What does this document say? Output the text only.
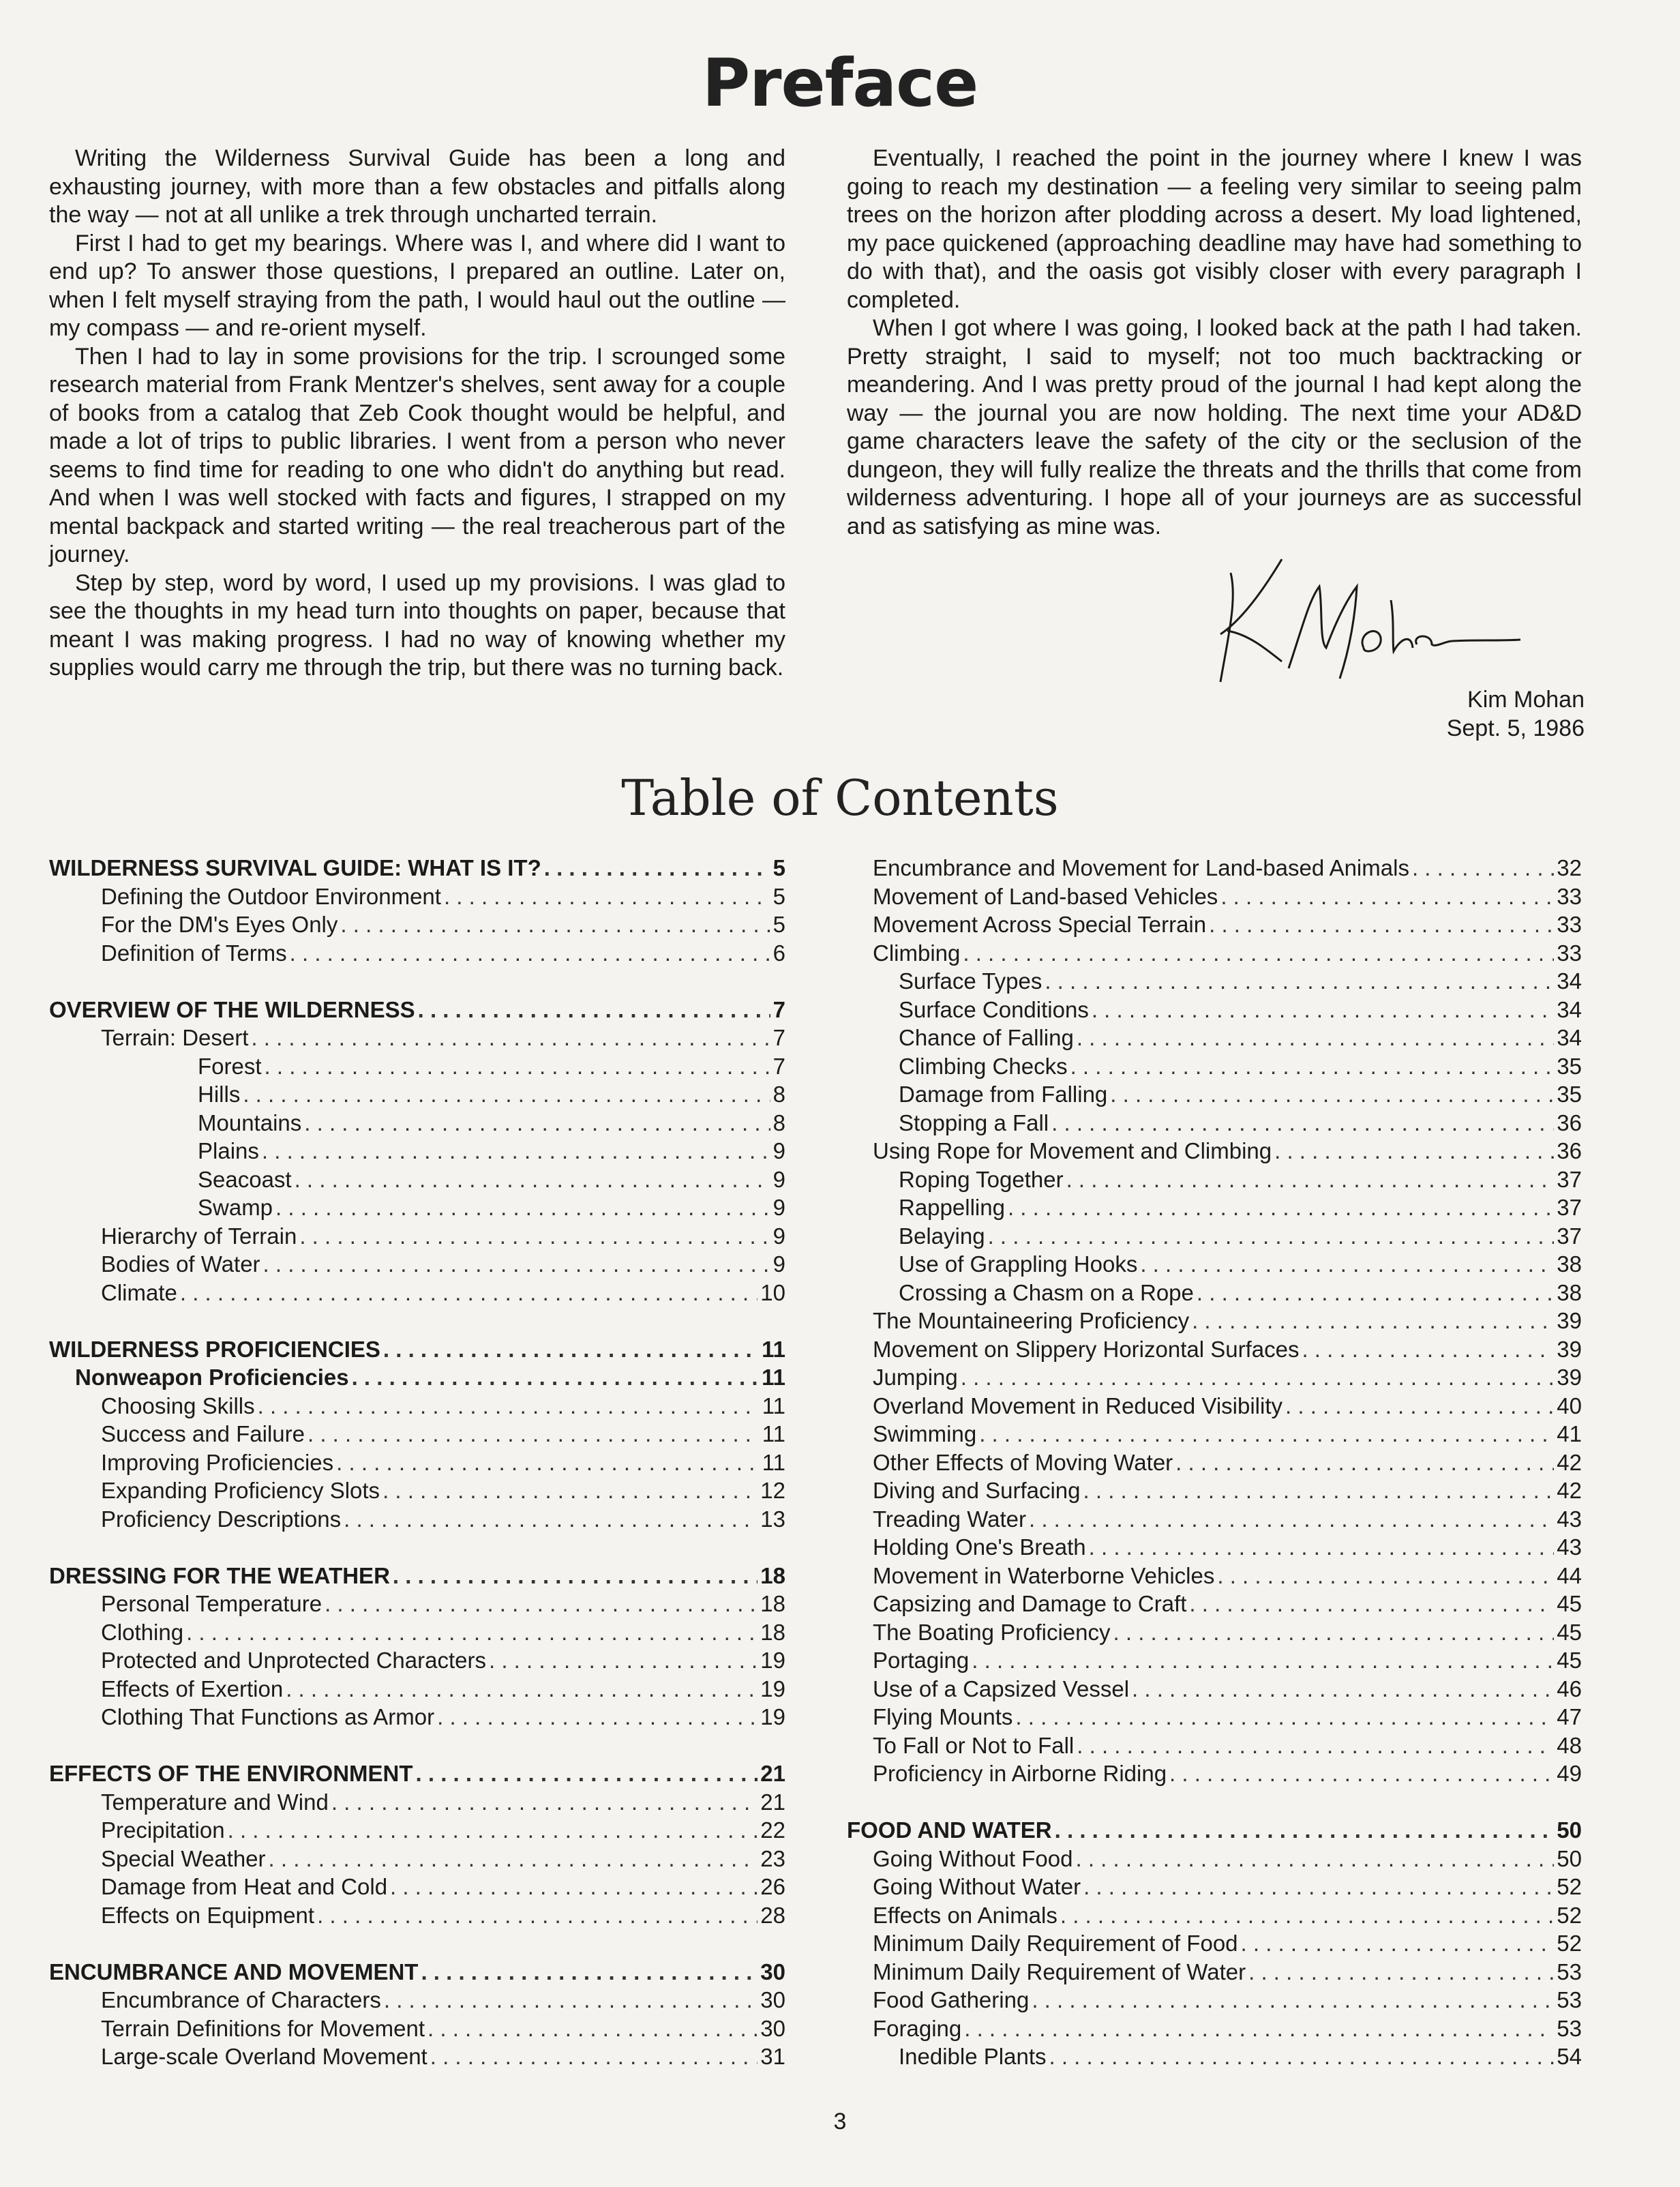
Preface

Writing the Wilderness Survival Guide has been a long and exhausting journey, with more than a few obstacles and pitfalls along the way — not at all unlike a trek through uncharted terrain.

First I had to get my bearings. Where was I, and where did I want to end up? To answer those questions, I prepared an outline. Later on, when I felt myself straying from the path, I would haul out the outline — my compass — and re-orient myself.

Then I had to lay in some provisions for the trip. I scrounged some research material from Frank Mentzer's shelves, sent away for a couple of books from a catalog that Zeb Cook thought would be helpful, and made a lot of trips to public libraries. I went from a person who never seems to find time for reading to one who didn't do anything but read. And when I was well stocked with facts and figures, I strapped on my mental backpack and started writing — the real treacherous part of the journey.

Step by step, word by word, I used up my provisions. I was glad to see the thoughts in my head turn into thoughts on paper, because that meant I was making progress. I had no way of knowing whether my supplies would carry me through the trip, but there was no turning back.

Eventually, I reached the point in the journey where I knew I was going to reach my destination — a feeling very similar to seeing palm trees on the horizon after plodding across a desert. My load lightened, my pace quickened (approaching deadline may have had something to do with that), and the oasis got visibly closer with every paragraph I completed.

When I got where I was going, I looked back at the path I had taken. Pretty straight, I said to myself; not too much backtracking or meandering. And I was pretty proud of the journal I had kept along the way — the journal you are now holding. The next time your AD&D game characters leave the safety of the city or the seclusion of the dungeon, they will fully realize the threats and the thrills that come from wilderness adventuring. I hope all of your journeys are as successful and as satisfying as mine was.

Kim Mohan
Sept. 5, 1986
Table of Contents
WILDERNESS SURVIVAL GUIDE: WHAT IS IT? . . .	5
Defining the Outdoor Environment . . .	5
For the DM's Eyes Only . . .	5
Definition of Terms . . .	6
OVERVIEW OF THE WILDERNESS . . .	7
Terrain: Desert . . .	7
Forest . . .	7
Hills . . .	8
Mountains . . .	8
Plains . . .	9
Seacoast . . .	9
Swamp . . .	9
Hierarchy of Terrain . . .	9
Bodies of Water . . .	9
Climate . . .	10
WILDERNESS PROFICIENCIES . . .	11
Nonweapon Proficiencies . . .	11
Choosing Skills . . .	11
Success and Failure . . .	11
Improving Proficiencies . . .	11
Expanding Proficiency Slots . . .	12
Proficiency Descriptions . . .	13
DRESSING FOR THE WEATHER . . .	18
Personal Temperature . . .	18
Clothing . . .	18
Protected and Unprotected Characters . . .	19
Effects of Exertion . . .	19
Clothing That Functions as Armor . . .	19
EFFECTS OF THE ENVIRONMENT . . .	21
Temperature and Wind . . .	21
Precipitation . . .	22
Special Weather . . .	23
Damage from Heat and Cold . . .	26
Effects on Equipment . . .	28
ENCUMBRANCE AND MOVEMENT . . .	30
Encumbrance of Characters . . .	30
Terrain Definitions for Movement . . .	30
Large-scale Overland Movement . . .	31
Encumbrance and Movement for Land-based Animals . . .	32
Movement of Land-based Vehicles . . .	33
Movement Across Special Terrain . . .	33
Climbing . . .	33
Surface Types . . .	34
Surface Conditions . . .	34
Chance of Falling . . .	34
Climbing Checks . . .	35
Damage from Falling . . .	35
Stopping a Fall . . .	36
Using Rope for Movement and Climbing . . .	36
Roping Together . . .	37
Rappelling . . .	37
Belaying . . .	37
Use of Grappling Hooks . . .	38
Crossing a Chasm on a Rope . . .	38
The Mountaineering Proficiency . . .	39
Movement on Slippery Horizontal Surfaces . . .	39
Jumping . . .	39
Overland Movement in Reduced Visibility . . .	40
Swimming . . .	41
Other Effects of Moving Water . . .	42
Diving and Surfacing . . .	42
Treading Water . . .	43
Holding One's Breath . . .	43
Movement in Waterborne Vehicles . . .	44
Capsizing and Damage to Craft . . .	45
The Boating Proficiency . . .	45
Portaging . . .	45
Use of a Capsized Vessel . . .	46
Flying Mounts . . .	47
To Fall or Not to Fall . . .	48
Proficiency in Airborne Riding . . .	49
FOOD AND WATER . . .	50
Going Without Food . . .	50
Going Without Water . . .	52
Effects on Animals . . .	52
Minimum Daily Requirement of Food . . .	52
Minimum Daily Requirement of Water . . .	53
Food Gathering . . .	53
Foraging . . .	53
Inedible Plants . . .	54
3
